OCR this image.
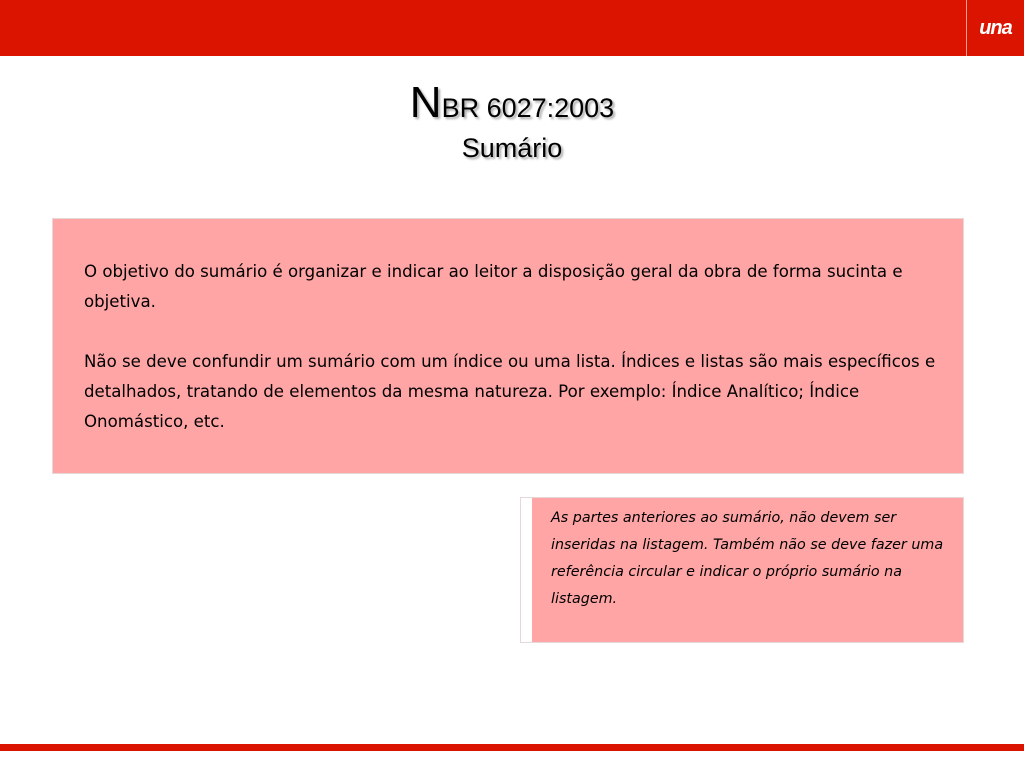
una
NBR 6027:2003
Sumário

O objetivo do sumário é organizar e indicar ao leitor a disposição geral da obra de forma sucinta e objetiva.

Não se deve confundir um sumário com um índice ou uma lista. Índices e listas são mais específicos e detalhados, tratando de elementos da mesma natureza. Por exemplo: Índice Analítico; Índice Onomástico, etc.

As partes anteriores ao sumário, não devem ser inseridas na listagem. Também não se deve fazer uma referência circular e indicar o próprio sumário na listagem.
